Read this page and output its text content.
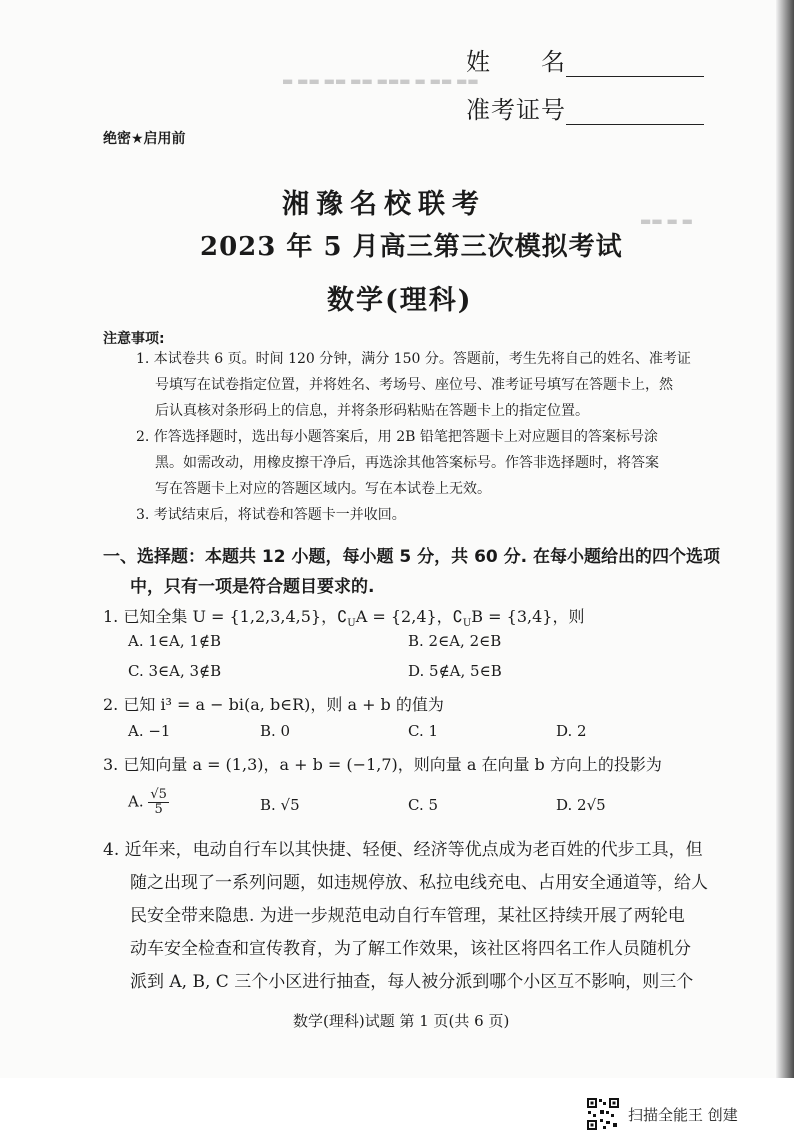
▬ ▬▬ ▬▬ ▬▬ ▬▬▬ ▬ ▬▬ ▬▬
▬▬ ▬ ▬
姓　　名
准考证号
绝密★启用前
湘豫名校联考
2023 年 5 月高三第三次模拟考试
数学(理科)
注意事项:
1. 本试卷共 6 页。时间 120 分钟，满分 150 分。答题前，考生先将自己的姓名、准考证
号填写在试卷指定位置，并将姓名、考场号、座位号、准考证号填写在答题卡上，然
后认真核对条形码上的信息，并将条形码粘贴在答题卡上的指定位置。
2. 作答选择题时，选出每小题答案后，用 2B 铅笔把答题卡上对应题目的答案标号涂
黑。如需改动，用橡皮擦干净后，再选涂其他答案标号。作答非选择题时，将答案
写在答题卡上对应的答题区域内。写在本试卷上无效。
3. 考试结束后，将试卷和答题卡一并收回。
一、选择题：本题共 12 小题，每小题 5 分，共 60 分. 在每小题给出的四个选项
中，只有一项是符合题目要求的.
1. 已知全集 U = {1,2,3,4,5}，$∁_UA = \{2,4\}$，$∁_UB = \{3,4\}$，则
A. 1∈A, 1∉B	B. 2∈A, 2∈B
C. 3∈A, 3∉B	D. 5∉A, 5∈B
2. 已知 i³ = a − bi(a, b∈R)，则 a + b 的值为
A. −1	B. 0	C. 1	D. 2
3. 已知向量 a = (1,3)，a + b = (−1,7)，则向量 a 在向量 b 方向上的投影为
A. $\frac{√5}{5}$	B. √5	C. 5	D. 2√5
4. 近年来，电动自行车以其快捷、轻便、经济等优点成为老百姓的代步工具，但
随之出现了一系列问题，如违规停放、私拉电线充电、占用安全通道等，给人
民安全带来隐患. 为进一步规范电动自行车管理，某社区持续开展了两轮电
动车安全检查和宣传教育，为了解工作效果，该社区将四名工作人员随机分
派到 A, B, C 三个小区进行抽查，每人被分派到哪个小区互不影响，则三个
数学(理科)试题 第 1 页(共 6 页)
扫描全能王 创建
